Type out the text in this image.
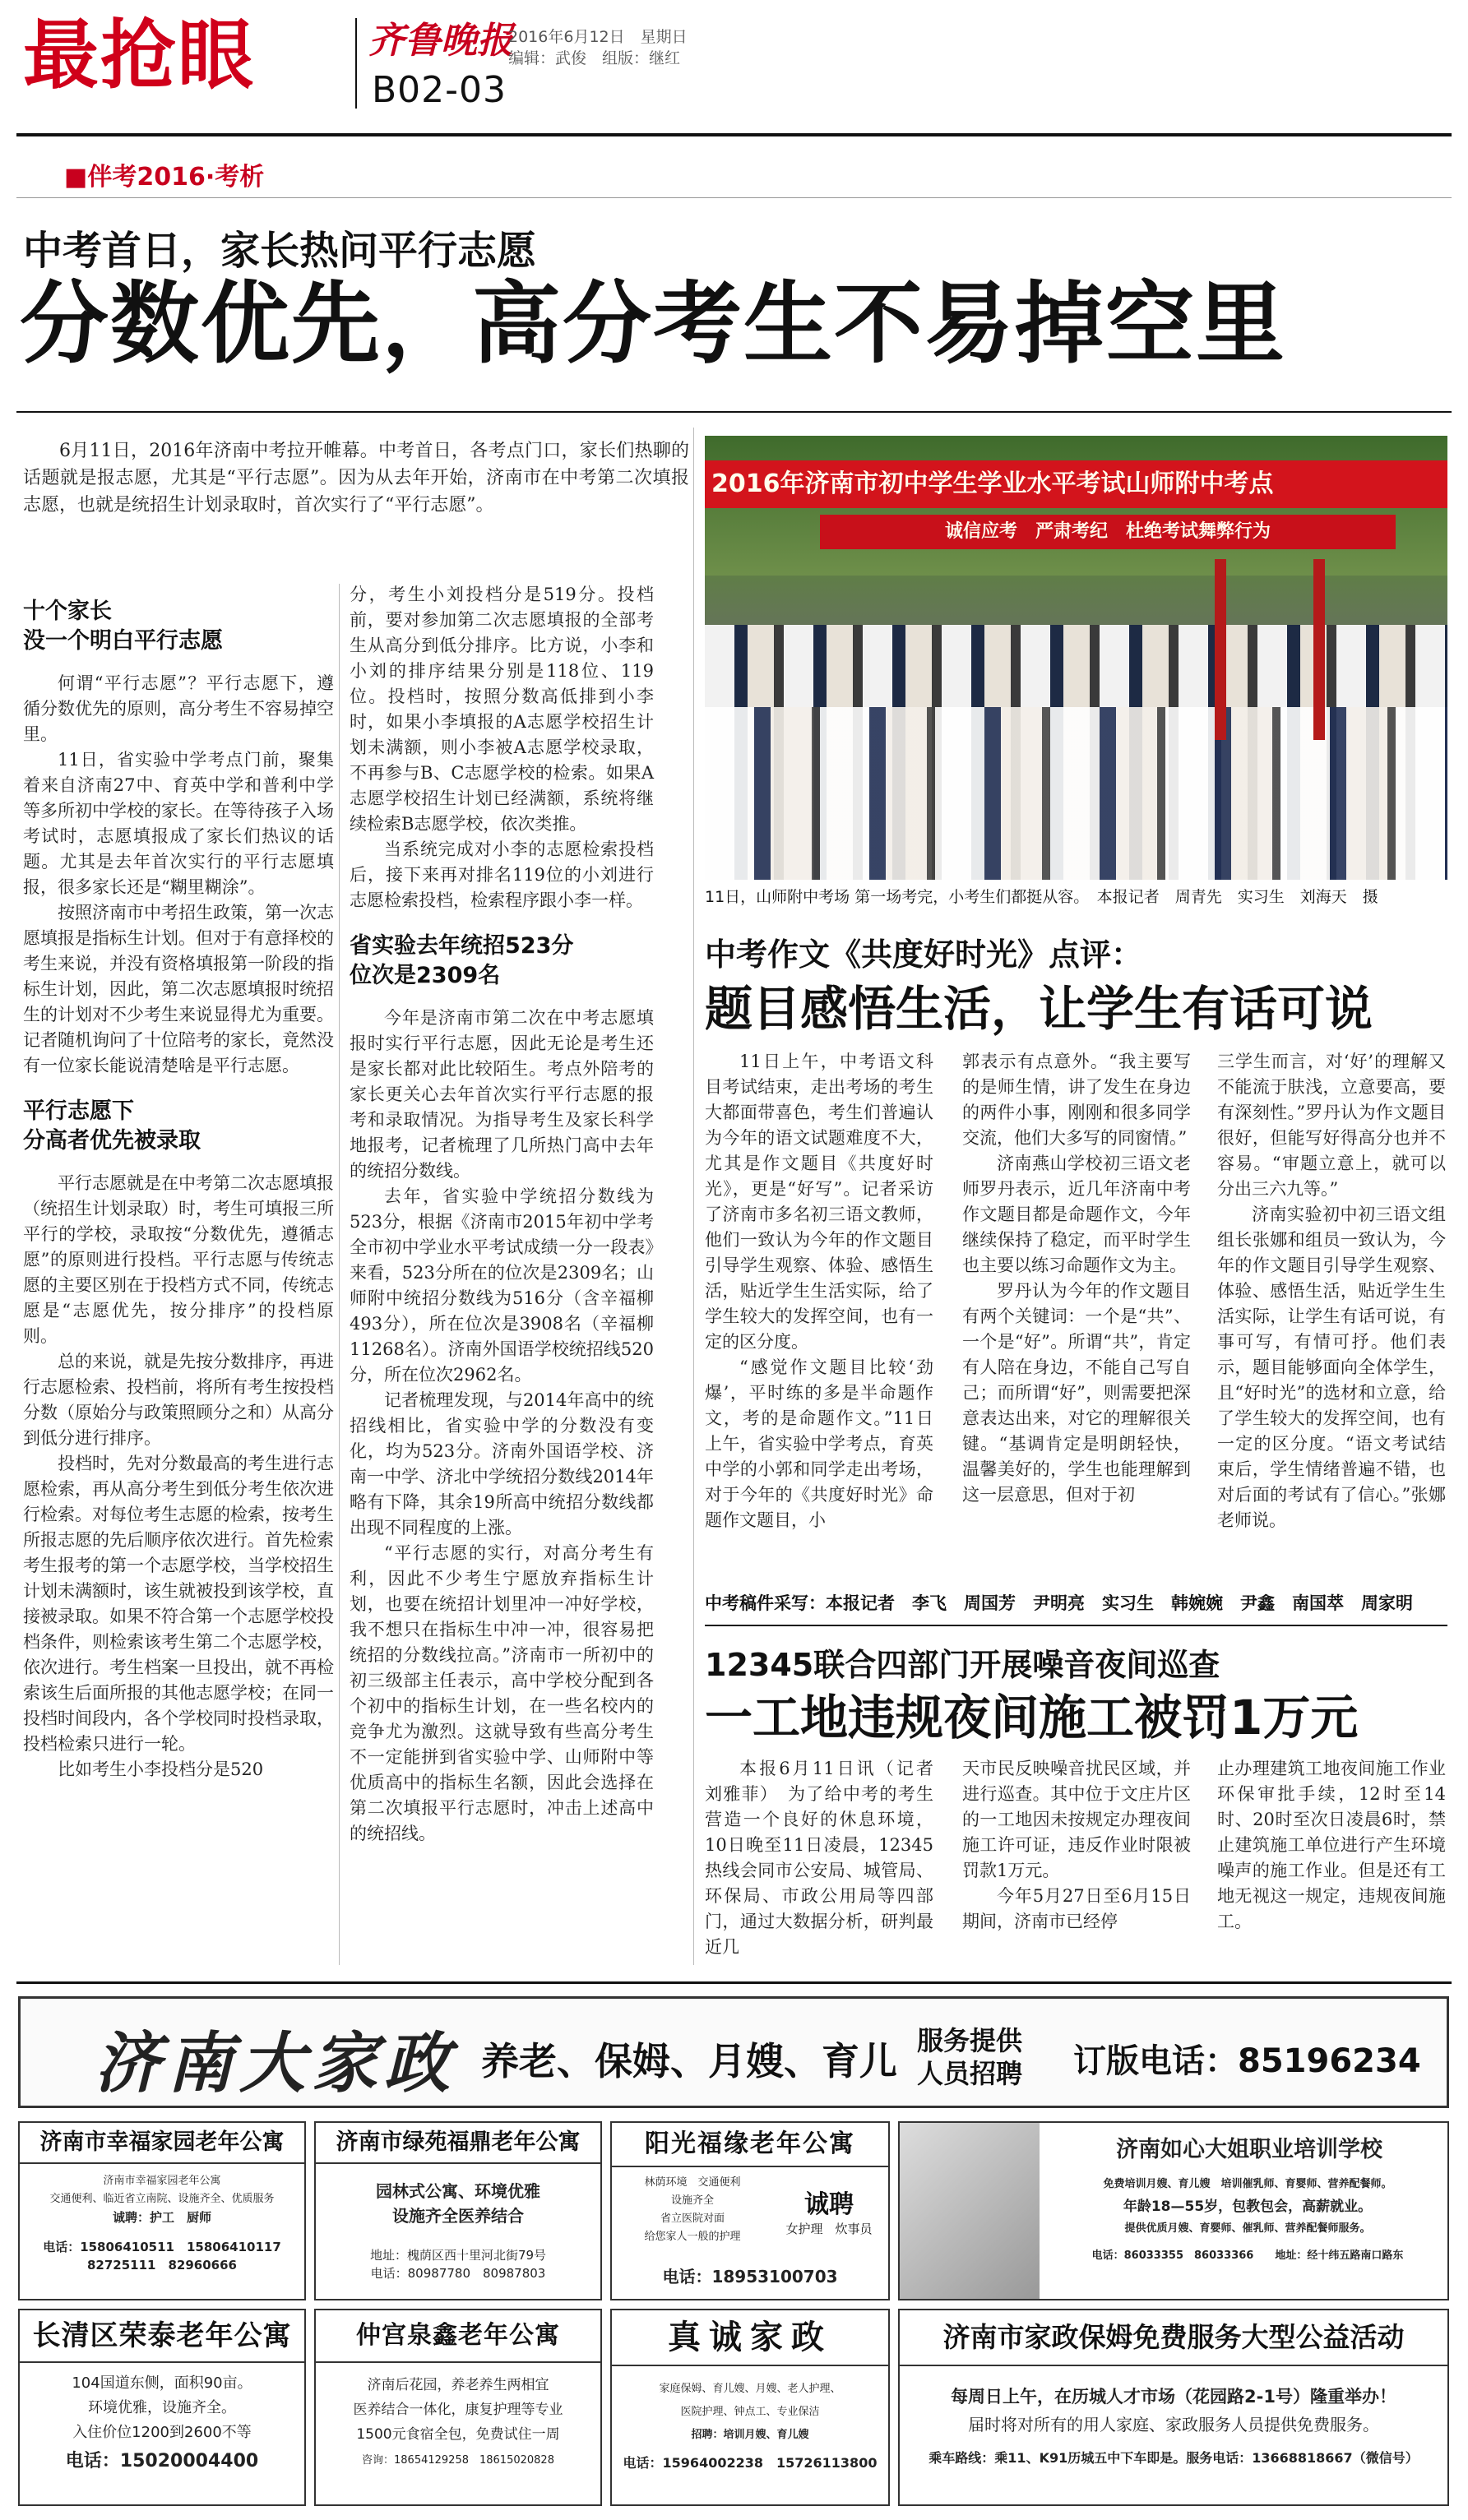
最抢眼	齐鲁晚报
2016年6月12日　星期日
编辑：武俊　组版：继红
B02-03
■伴考2016·考析
中考首日，家长热问平行志愿
分数优先，高分考生不易掉空里
6月11日，2016年济南中考拉开帷幕。中考首日，各考点门口，家长们热聊的话题就是报志愿，尤其是“平行志愿”。因为从去年开始，济南市在中考第二次填报志愿，也就是统招生计划录取时，首次实行了“平行志愿”。
2016年济南市初中学生学业水平考试山师附中考点
诚信应考　严肃考纪　杜绝考试舞弊行为
11日，山师附中考场 第一场考完，小考生们都挺从容。　本报记者　周青先　实习生　刘海天　摄
十个家长
没一个明白平行志愿

何谓“平行志愿”？平行志愿下，遵循分数优先的原则，高分考生不容易掉空里。

11日，省实验中学考点门前，聚集着来自济南27中、育英中学和普利中学等多所初中学校的家长。在等待孩子入场考试时，志愿填报成了家长们热议的话题。尤其是去年首次实行的平行志愿填报，很多家长还是“糊里糊涂”。

按照济南市中考招生政策，第一次志愿填报是指标生计划。但对于有意择校的考生来说，并没有资格填报第一阶段的指标生计划，因此，第二次志愿填报时统招生的计划对不少考生来说显得尤为重要。记者随机询问了十位陪考的家长，竟然没有一位家长能说清楚啥是平行志愿。

平行志愿下
分高者优先被录取

平行志愿就是在中考第二次志愿填报（统招生计划录取）时，考生可填报三所平行的学校，录取按“分数优先，遵循志愿”的原则进行投档。平行志愿与传统志愿的主要区别在于投档方式不同，传统志愿是“志愿优先，按分排序”的投档原则。

总的来说，就是先按分数排序，再进行志愿检索、投档前，将所有考生按投档分数（原始分与政策照顾分之和）从高分到低分进行排序。

投档时，先对分数最高的考生进行志愿检索，再从高分考生到低分考生依次进行检索。对每位考生志愿的检索，按考生所报志愿的先后顺序依次进行。首先检索考生报考的第一个志愿学校，当学校招生计划未满额时，该生就被投到该学校，直接被录取。如果不符合第一个志愿学校投档条件，则检索该考生第二个志愿学校，依次进行。考生档案一旦投出，就不再检索该生后面所报的其他志愿学校；在同一投档时间段内，各个学校同时投档录取，投档检索只进行一轮。

比如考生小李投档分是520

分，考生小刘投档分是519分。投档前，要对参加第二次志愿填报的全部考生从高分到低分排序。比方说，小李和小刘的排序结果分别是118位、119位。投档时，按照分数高低排到小李时，如果小李填报的A志愿学校招生计划未满额，则小李被A志愿学校录取，不再参与B、C志愿学校的检索。如果A志愿学校招生计划已经满额，系统将继续检索B志愿学校，依次类推。

当系统完成对小李的志愿检索投档后，接下来再对排名119位的小刘进行志愿检索投档，检索程序跟小李一样。

省实验去年统招523分
位次是2309名

今年是济南市第二次在中考志愿填报时实行平行志愿，因此无论是考生还是家长都对此比较陌生。考点外陪考的家长更关心去年首次实行平行志愿的报考和录取情况。为指导考生及家长科学地报考，记者梳理了几所热门高中去年的统招分数线。

去年，省实验中学统招分数线为523分，根据《济南市2015年初中学考全市初中学业水平考试成绩一分一段表》来看，523分所在的位次是2309名；山师附中统招分数线为516分（含辛福柳493分），所在位次是3908名（辛福柳11268名）。济南外国语学校统招线520分，所在位次2962名。

记者梳理发现，与2014年高中的统招线相比，省实验中学的分数没有变化，均为523分。济南外国语学校、济南一中学、济北中学统招分数线2014年略有下降，其余19所高中统招分数线都出现不同程度的上涨。

“平行志愿的实行，对高分考生有利，因此不少考生宁愿放弃指标生计划，也要在统招计划里冲一冲好学校，我不想只在指标生中冲一冲，很容易把统招的分数线拉高。”济南市一所初中的初三级部主任表示，高中学校分配到各个初中的指标生计划，在一些名校内的竞争尤为激烈。这就导致有些高分考生不一定能拼到省实验中学、山师附中等优质高中的指标生名额，因此会选择在第二次填报平行志愿时，冲击上述高中的统招线。

中考作文《共度好时光》点评：
题目感悟生活，让学生有话可说

11日上午，中考语文科目考试结束，走出考场的考生大都面带喜色，考生们普遍认为今年的语文试题难度不大，尤其是作文题目《共度好时光》，更是“好写”。记者采访了济南市多名初三语文教师，他们一致认为今年的作文题目引导学生观察、体验、感悟生活，贴近学生生活实际，给了学生较大的发挥空间，也有一定的区分度。

“感觉作文题目比较‘劲爆’，平时练的多是半命题作文，考的是命题作文。”11日上午，省实验中学考点，育英中学的小郭和同学走出考场，对于今年的《共度好时光》命题作文题目，小

郭表示有点意外。“我主要写的是师生情，讲了发生在身边的两件小事，刚刚和很多同学交流，他们大多写的同窗情。”

济南燕山学校初三语文老师罗丹表示，近几年济南中考作文题目都是命题作文，今年继续保持了稳定，而平时学生也主要以练习命题作文为主。

罗丹认为今年的作文题目有两个关键词：一个是“共”、一个是“好”。所谓“共”，肯定有人陪在身边，不能自己写自己；而所谓“好”，则需要把深意表达出来，对它的理解很关键。“基调肯定是明朗轻快，温馨美好的，学生也能理解到这一层意思，但对于初

三学生而言，对‘好’的理解又不能流于肤浅，立意要高，要有深刻性。”罗丹认为作文题目很好，但能写好得高分也并不容易。“审题立意上，就可以分出三六九等。”

济南实验初中初三语文组组长张娜和组员一致认为，今年的作文题目引导学生观察、体验、感悟生活，贴近学生生活实际，让学生有话可说，有事可写，有情可抒。他们表示，题目能够面向全体学生，且“好时光”的选材和立意，给了学生较大的发挥空间，也有一定的区分度。“语文考试结束后，学生情绪普遍不错，也对后面的考试有了信心。”张娜老师说。

中考稿件采写：本报记者　李飞　周国芳　尹明亮　实习生　韩婉婉　尹鑫　南国萃　周家明
12345联合四部门开展噪音夜间巡查
一工地违规夜间施工被罚1万元

本报6月11日讯（记者　刘雅菲）　为了给中考的考生营造一个良好的休息环境，10日晚至11日凌晨，12345热线会同市公安局、城管局、环保局、市政公用局等四部门，通过大数据分析，研判最近几

天市民反映噪音扰民区域，并进行巡查。其中位于文庄片区的一工地因未按规定办理夜间施工许可证，违反作业时限被罚款1万元。

今年5月27日至6月15日期间，济南市已经停

止办理建筑工地夜间施工作业环保审批手续，12时至14时、20时至次日凌晨6时，禁止建筑施工单位进行产生环境噪声的施工作业。但是还有工地无视这一规定，违规夜间施工。

济南大家政 养老、保姆、月嫂、育儿 服务提供
人员招聘 订版电话：85196234
济南市幸福家园老年公寓
济南市幸福家园老年公寓
交通便利、临近省立南院、设施齐全、优质服务
诚聘：护工　厨师
电话：15806410511　15806410117
82725111　82960666
济南市绿苑福鼎老年公寓
园林式公寓、环境优雅
设施齐全医养结合
地址：槐荫区西十里河北街79号
电话：80987780　80987803
阳光福缘老年公寓
林荫环境　交通便利
设施齐全
省立医院对面
给您家人一般的护理
诚聘
女护理　炊事员
电话：18953100703
济南如心大姐职业培训学校
免费培训月嫂、育儿嫂　培训催乳师、育婴师、营养配餐师。
年龄18—55岁，包教包会，高薪就业。
提供优质月嫂、育婴师、催乳师、营养配餐师服务。
电话：86033355　86033366　　地址：经十纬五路南口路东
长清区荣泰老年公寓
104国道东侧，面积90亩。
环境优雅，设施齐全。
入住价位1200到2600不等
电话：15020004400
仲宫泉鑫老年公寓
济南后花园，养老养生两相宜
医养结合一体化，康复护理等专业
1500元食宿全包，免费试住一周
咨询：18654129258　18615020828
真诚家政
家庭保姆、育儿嫂、月嫂、老人护理、
医院护理、钟点工、专业保洁
招聘：培训月嫂、育儿嫂
电话：15964002238　15726113800
济南市家政保姆免费服务大型公益活动
每周日上午，在历城人才市场（花园路2-1号）隆重举办！
届时将对所有的用人家庭、家政服务人员提供免费服务。
乘车路线：乘11、K91历城五中下车即是。服务电话：13668818667（微信号）
